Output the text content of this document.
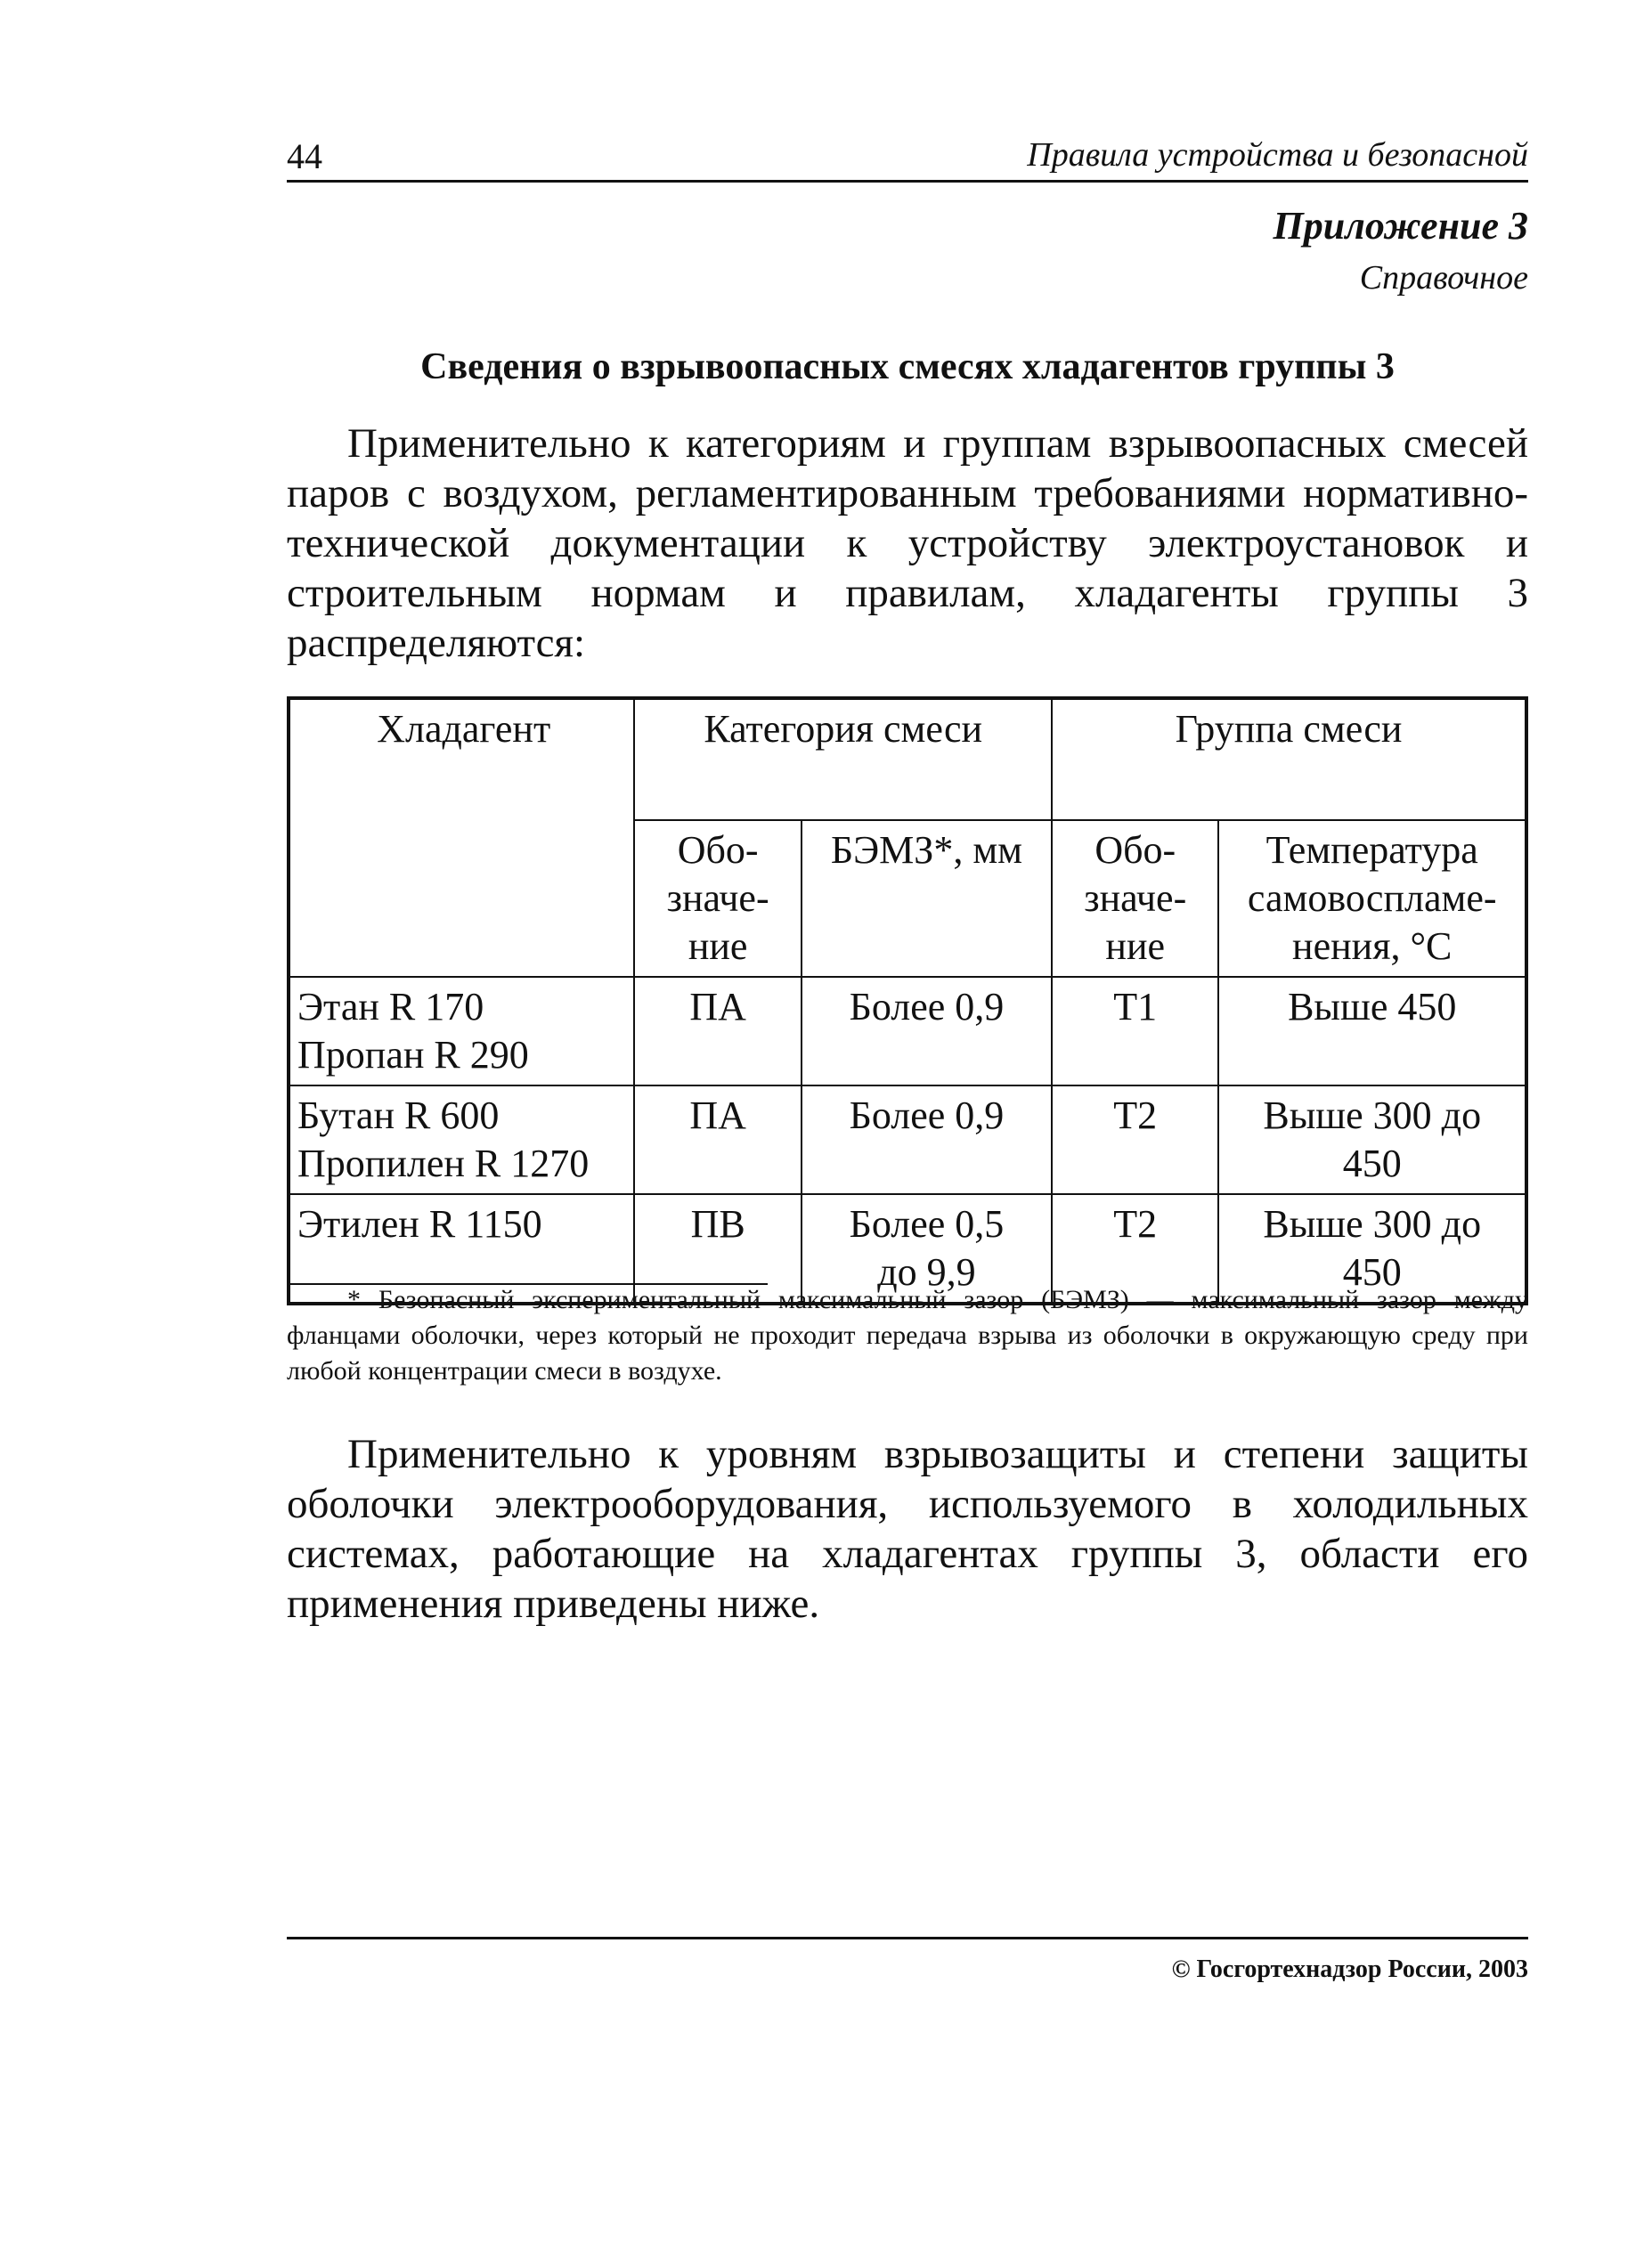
44	Правила устройства и безопасной
Приложение 3
Справочное
Сведения о взрывоопасных смесях хладагентов группы 3

Применительно к категориям и группам взрывоопасных смесей паров с воздухом, регламентированным требованиями нормативно-технической документации к устройству электроустановок и строительным нормам и правилам, хладагенты группы 3 распределяются:

Хладагент	Категория смеси		Группа смеси	
	Обо-значе-ние	БЭМЗ*, мм	Обо-значе-ние	Температура самовоспламе-нения, °С

Этан R 170
Пропан R 290	ПА	Более 0,9	Т1	Выше 450

Бутан R 600
Пропилен R 1270	ПА	Более 0,9	Т2	Выше 300 до 450

Этилен R 1150	ПВ	Более 0,5 до 9,9	Т2	Выше 300 до 450

* Безопасный экспериментальный максимальный зазор (БЭМЗ) — максимальный зазор между фланцами оболочки, через который не проходит передача взрыва из оболочки в окружающую среду при любой концентрации смеси в воздухе.

Применительно к уровням взрывозащиты и степени защиты оболочки электрооборудования, используемого в холодильных системах, работающие на хладагентах группы 3, области его применения приведены ниже.

© Госгортехнадзор России, 2003
